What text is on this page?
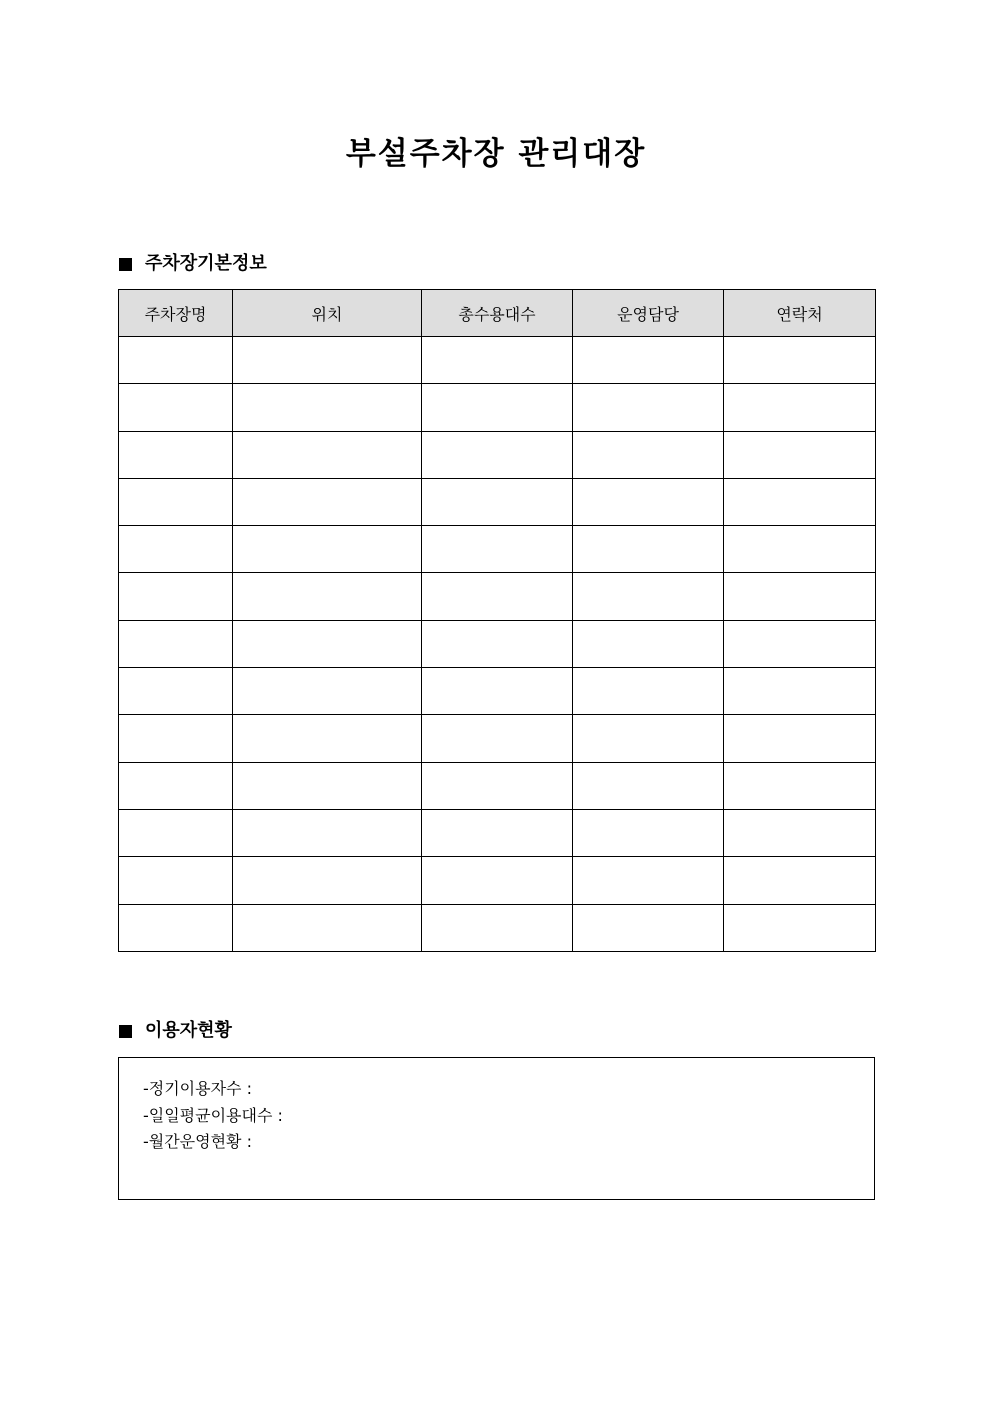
부설주차장 관리대장
주차장기본정보
주차장명	위치	총수용대수	운영담당	연락처

이용자현황
-정기이용자수 :
-일일평균이용대수 :
-월간운영현황 :
